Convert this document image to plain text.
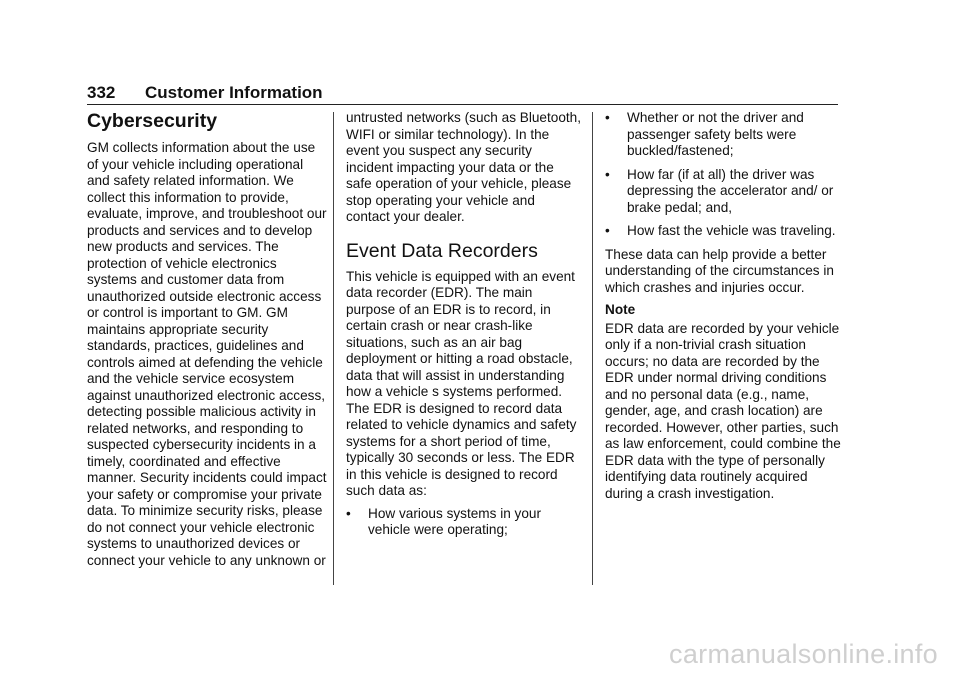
332 Customer Information
Cybersecurity

GM collects information about the use of your vehicle including operational and safety related information. We collect this information to provide, evaluate, improve, and troubleshoot our products and services and to develop new products and services. The protection of vehicle electronics systems and customer data from unauthorized outside electronic access or control is important to GM. GM maintains appropriate security standards, practices, guidelines and controls aimed at defending the vehicle and the vehicle service ecosystem against unauthorized electronic access, detecting possible malicious activity in related networks, and responding to suspected cybersecurity incidents in a timely, coordinated and effective manner. Security incidents could impact your safety or compromise your private data. To minimize security risks, please do not connect your vehicle electronic systems to unauthorized devices or connect your vehicle to any unknown or

untrusted networks (such as Bluetooth, WIFI or similar technology). In the event you suspect any security incident impacting your data or the safe operation of your vehicle, please stop operating your vehicle and contact your dealer.

Event Data Recorders

This vehicle is equipped with an event data recorder (EDR). The main purpose of an EDR is to record, in certain crash or near crash-like situations, such as an air bag deployment or hitting a road obstacle, data that will assist in understanding how a vehicle s systems performed. The EDR is designed to record data related to vehicle dynamics and safety systems for a short period of time, typically 30 seconds or less. The EDR in this vehicle is designed to record such data as:

• How various systems in your vehicle were operating;
• Whether or not the driver and passenger safety belts were buckled/fastened;
• How far (if at all) the driver was depressing the accelerator and/ or brake pedal; and,
• How fast the vehicle was traveling.

These data can help provide a better understanding of the circumstances in which crashes and injuries occur.

Note

EDR data are recorded by your vehicle only if a non-trivial crash situation occurs; no data are recorded by the EDR under normal driving conditions and no personal data (e.g., name, gender, age, and crash location) are recorded. However, other parties, such as law enforcement, could combine the EDR data with the type of personally identifying data routinely acquired during a crash investigation.

carmanualsonline.info
